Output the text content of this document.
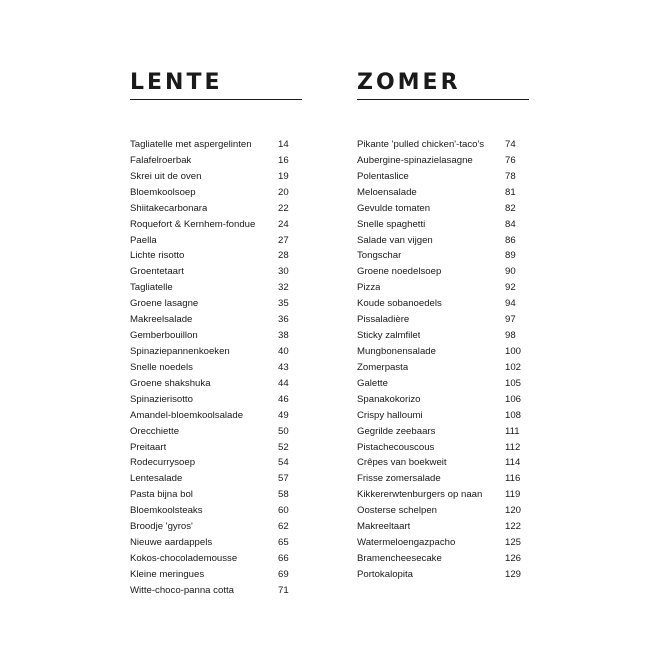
LENTE
Tagliatelle met aspergelinten	14
Falafelroerbak	16
Skrei uit de oven	19
Bloemkoolsoep	20
Shiitakecarbonara	22
Roquefort & Kernhem-fondue 24
Paella	27
Lichte risotto	28
Groentetaart	30
Tagliatelle	32
Groene lasagne	35
Makreelsalade	36
Gemberbouillon	38
Spinaziepannenkoeken	40
Snelle noedels	43
Groene shakshuka	44
Spinazierisotto	46
Amandel-bloemkoolsalade	49
Orecchiette	50
Preitaart	52
Rodecurrysoep	54
Lentesalade	57
Pasta bijna bol	58
Bloemkoolsteaks	60
Broodje 'gyros'	62
Nieuwe aardappels	65
Kokos-chocolademousse	66
Kleine meringues	69
Witte-choco-panna cotta	71
ZOMER
Pikante 'pulled chicken'-taco's 74
Aubergine-spinazielasagne	76
Polentaslice	78
Meloensalade	81
Gevulde tomaten	82
Snelle spaghetti	84
Salade van vijgen	86
Tongschar	89
Groene noedelsoep	90
Pizza	92
Koude sobanoedels	94
Pissaladière	97
Sticky zalmfilet	98
Mungbonensalade	100
Zomerpasta	102
Galette	105
Spanakokorizo	106
Crispy halloumi	108
Gegrilde zeebaars	111
Pistachecouscous	112
Crêpes van boekweit	114
Frisse zomersalade	116
Kikkererwtenburgers op naan 119
Oosterse schelpen	120
Makreeltaart	122
Watermeloengazpacho	125
Bramencheesecake	126
Portokalopita	129
